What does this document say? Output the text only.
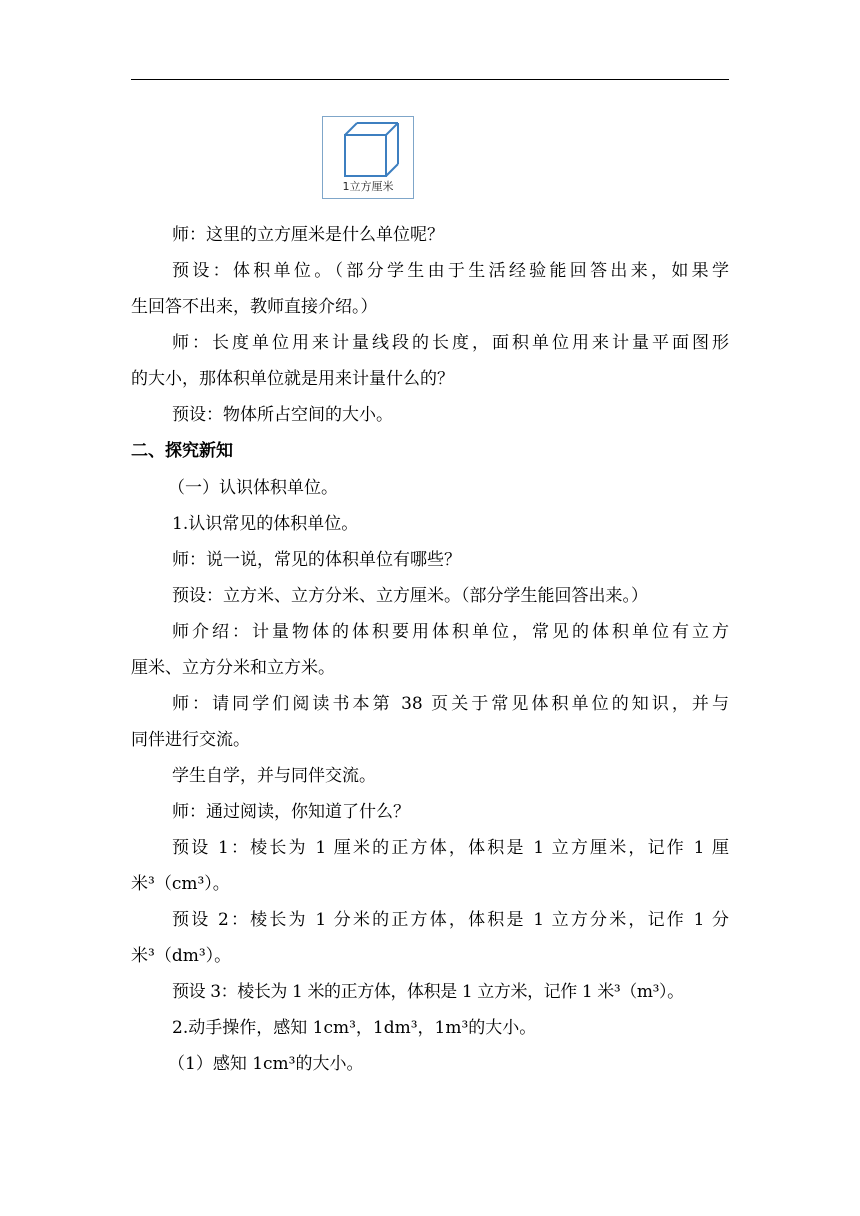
1立方厘米
师：这里的立方厘米是什么单位呢？
预设：体积单位。（部分学生由于生活经验能回答出来，如果学
生回答不出来，教师直接介绍。）
师：长度单位用来计量线段的长度，面积单位用来计量平面图形
的大小，那体积单位就是用来计量什么的？
预设：物体所占空间的大小。
二、探究新知
（一）认识体积单位。
1.认识常见的体积单位。
师：说一说，常见的体积单位有哪些？
预设：立方米、立方分米、立方厘米。（部分学生能回答出来。）
师介绍：计量物体的体积要用体积单位，常见的体积单位有立方
厘米、立方分米和立方米。
师：请同学们阅读书本第 38 页关于常见体积单位的知识，并与
同伴进行交流。
学生自学，并与同伴交流。
师：通过阅读，你知道了什么？
预设 1：棱长为 1 厘米的正方体，体积是 1 立方厘米，记作 1 厘
米³（cm³）。
预设 2：棱长为 1 分米的正方体，体积是 1 立方分米，记作 1 分
米³（dm³）。
预设 3：棱长为 1 米的正方体，体积是 1 立方米，记作 1 米³（m³）。
2.动手操作，感知 1cm³，1dm³，1m³的大小。
（1）感知 1cm³的大小。
